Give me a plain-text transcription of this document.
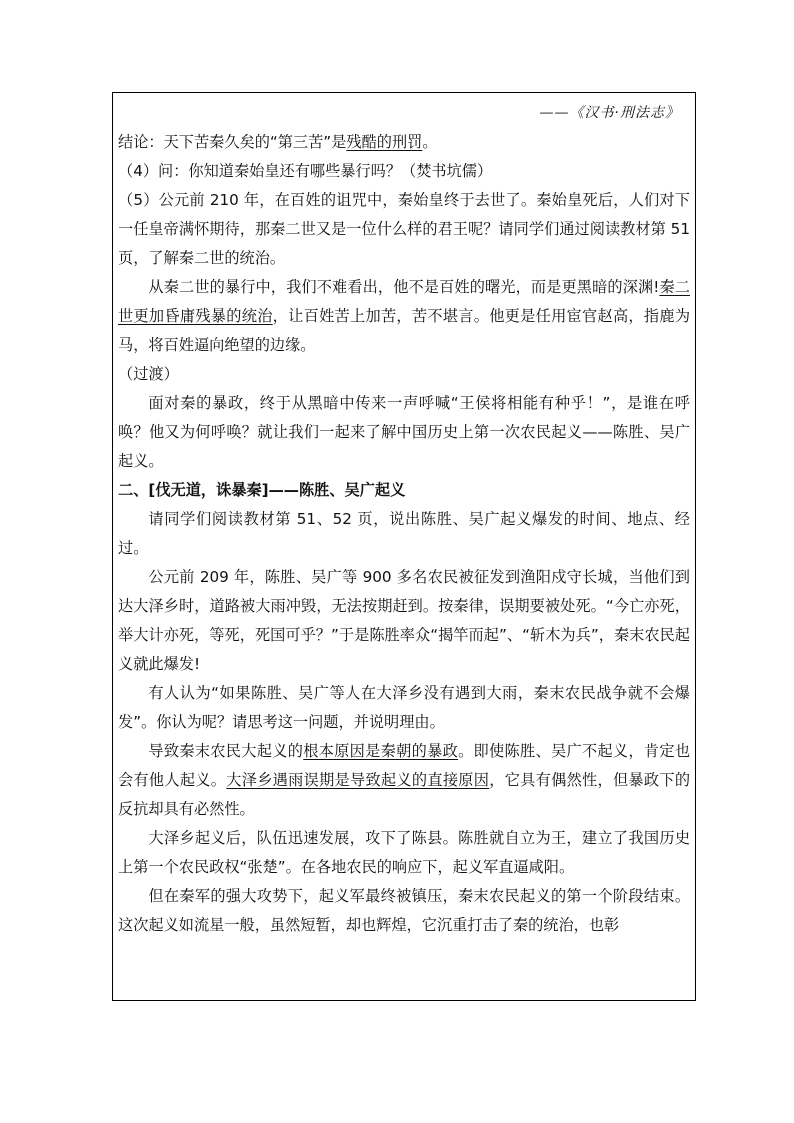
——《汉书·刑法志》
结论：天下苦秦久矣的“第三苦”是残酷的刑罚。
（4）问：你知道秦始皇还有哪些暴行吗？（焚书坑儒）
（5）公元前 210 年，在百姓的诅咒中，秦始皇终于去世了。秦始皇死后，人们对下一任皇帝满怀期待，那秦二世又是一位什么样的君王呢？请同学们通过阅读教材第 51 页，了解秦二世的统治。
从秦二世的暴行中，我们不难看出，他不是百姓的曙光，而是更黑暗的深渊!秦二世更加昏庸残暴的统治，让百姓苦上加苦，苦不堪言。他更是任用宦官赵高，指鹿为马，将百姓逼向绝望的边缘。
（过渡）
面对秦的暴政，终于从黑暗中传来一声呼喊“王侯将相能有种乎！”，是谁在呼唤？他又为何呼唤？就让我们一起来了解中国历史上第一次农民起义——陈胜、吴广起义。
二、[伐无道，诛暴秦]——陈胜、吴广起义
请同学们阅读教材第 51、52 页，说出陈胜、吴广起义爆发的时间、地点、经过。
公元前 209 年，陈胜、吴广等 900 多名农民被征发到渔阳戍守长城，当他们到达大泽乡时，道路被大雨冲毁，无法按期赶到。按秦律，误期要被处死。“今亡亦死，举大计亦死，等死，死国可乎？”于是陈胜率众“揭竿而起”、“斩木为兵”，秦末农民起义就此爆发!
有人认为“如果陈胜、吴广等人在大泽乡没有遇到大雨，秦末农民战争就不会爆发”。你认为呢？请思考这一问题，并说明理由。
导致秦末农民大起义的根本原因是秦朝的暴政。即使陈胜、吴广不起义，肯定也会有他人起义。大泽乡遇雨误期是导致起义的直接原因，它具有偶然性，但暴政下的反抗却具有必然性。
大泽乡起义后，队伍迅速发展，攻下了陈县。陈胜就自立为王，建立了我国历史上第一个农民政权“张楚”。在各地农民的响应下，起义军直逼咸阳。
但在秦军的强大攻势下，起义军最终被镇压，秦末农民起义的第一个阶段结束。这次起义如流星一般，虽然短暂，却也辉煌，它沉重打击了秦的统治，也彰
